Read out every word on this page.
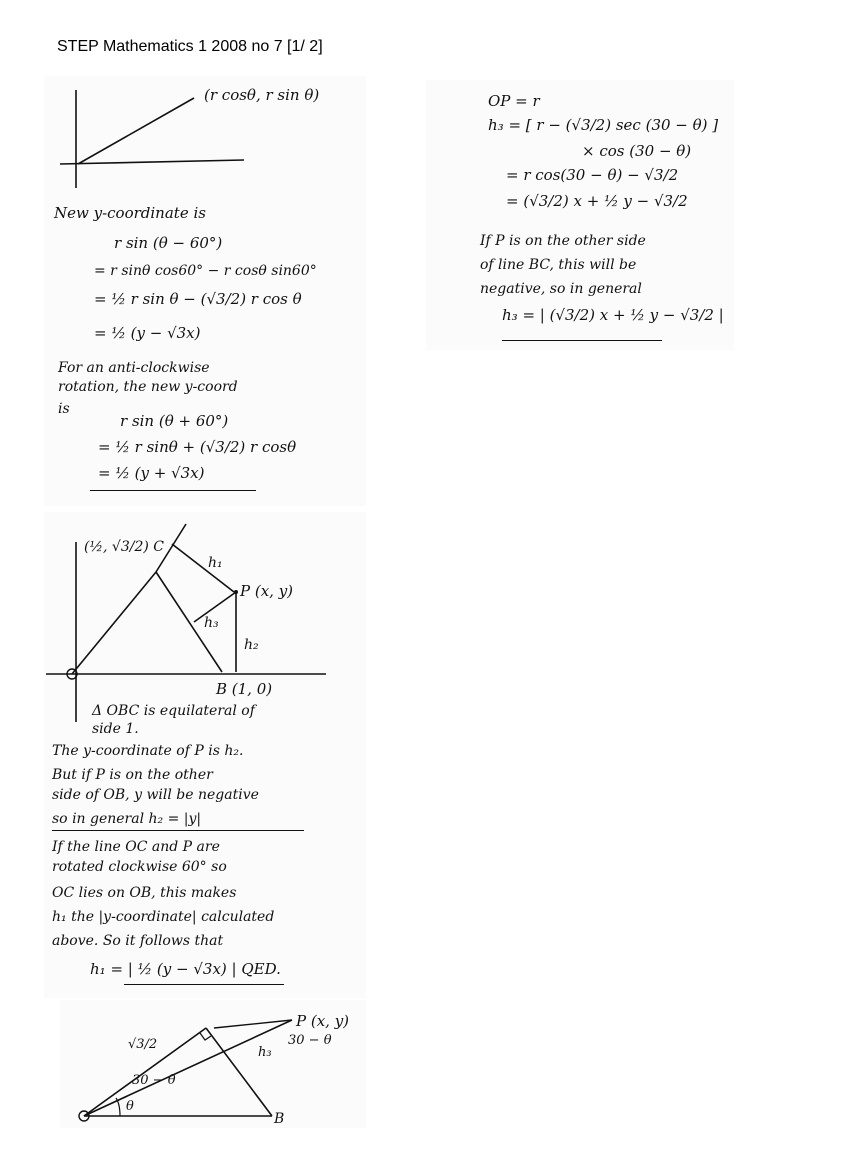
STEP Mathematics 1 2008 no 7 [1/ 2]
(r cosθ, r sin θ)
New y-coordinate is
r sin (θ − 60°)
= r sinθ cos60° − r cosθ sin60°
= ½ r sin θ − (√3/2) r cos θ
= ½ (y − √3x)
For an anti-clockwise
rotation, the new y-coord
is
r sin (θ + 60°)
= ½ r sinθ + (√3/2) r cosθ
= ½ (y + √3x)
(½, √3/2) C
h₁
P (x, y)
h₃
h₂
B (1, 0)
Δ OBC is equilateral of
side 1.
The y-coordinate of P is h₂.
But if P is on the other
side of OB, y will be negative
so in general h₂ = |y|
If the line OC and P are
rotated clockwise 60° so
OC lies on OB, this makes
h₁ the |y-coordinate| calculated
above. So it follows that
h₁ = | ½ (y − √3x) | QED.
P (x, y)
√3/2	30 − θ
30 − θ
h₃
θ
B
OP = r
h₃ = [ r − (√3/2) sec (30 − θ) ]
× cos (30 − θ)
= r cos(30 − θ) − √3/2
= (√3/2) x + ½ y − √3/2
If P is on the other side
of line BC, this will be
negative, so in general
h₃ = | (√3/2) x + ½ y − √3/2 |
